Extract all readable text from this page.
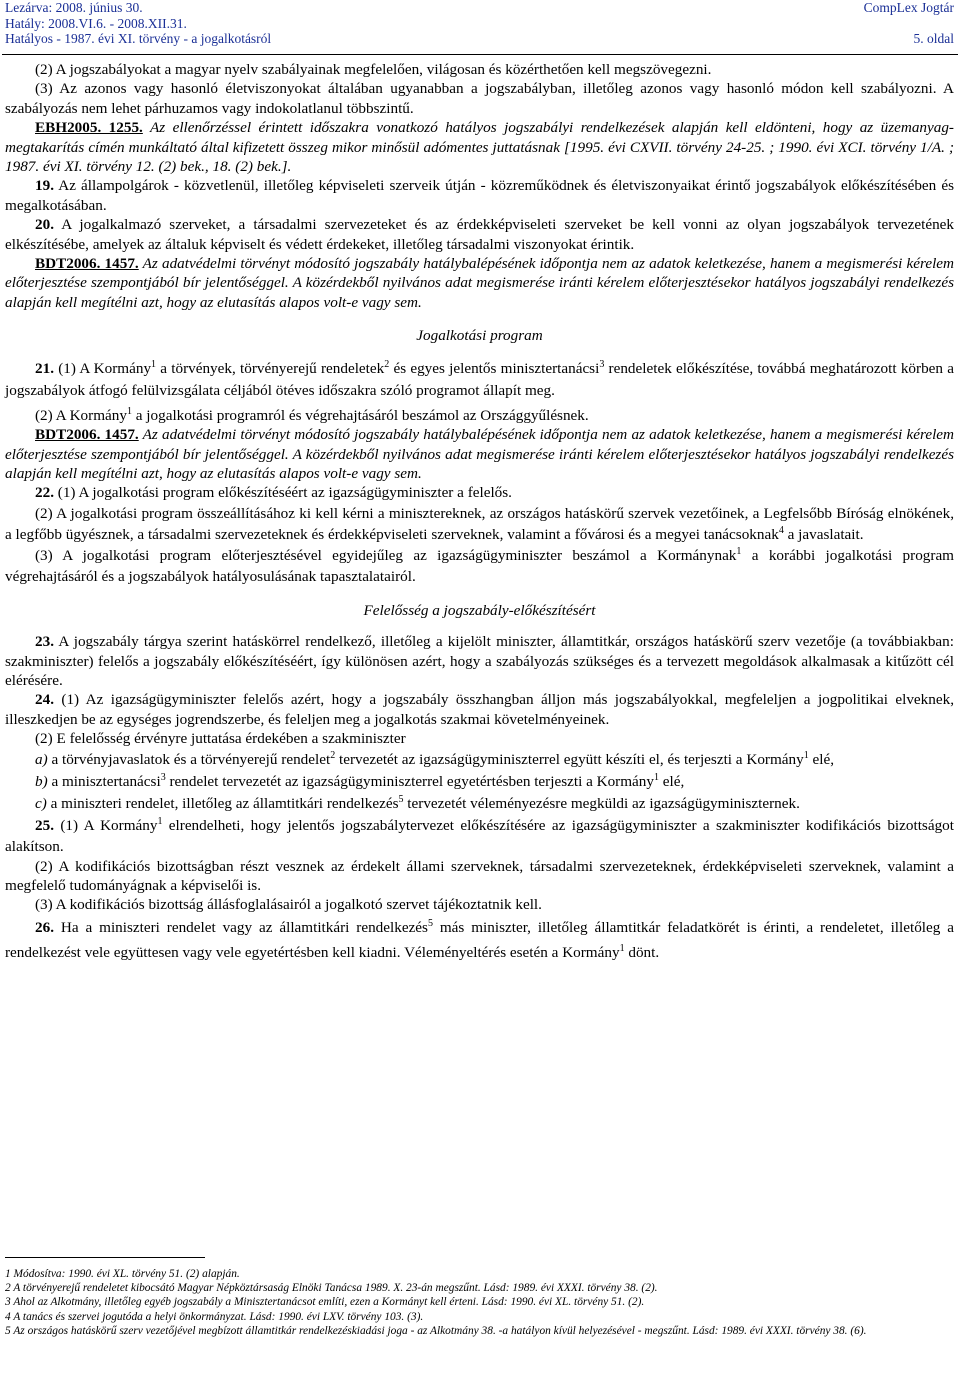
Lezárva: 2008. június 30.
Hatály: 2008.VI.6. - 2008.XII.31.
Hatályos - 1987. évi XI. törvény - a jogalkotásról
CompLex Jogtár

5. oldal

(2) A jogszabályokat a magyar nyelv szabályainak megfelelően, világosan és közérthetően kell megszövegezni.

(3) Az azonos vagy hasonló életviszonyokat általában ugyanabban a jogszabályban, illetőleg azonos vagy hasonló módon kell szabályozni. A szabályozás nem lehet párhuzamos vagy indokolatlanul többszintű.

EBH2005. 1255. Az ellenőrzéssel érintett időszakra vonatkozó hatályos jogszabályi rendelkezések alapján kell eldönteni, hogy az üzemanyag-megtakarítás címén munkáltató által kifizetett összeg mikor minősül adómentes juttatásnak [1995. évi CXVII. törvény 24-25. ; 1990. évi XCI. törvény 1/A. ; 1987. évi XI. törvény 12. (2) bek., 18. (2) bek.].

19. Az állampolgárok - közvetlenül, illetőleg képviseleti szerveik útján - közreműködnek és életviszonyaikat érintő jogszabályok előkészítésében és megalkotásában.

20. A jogalkalmazó szerveket, a társadalmi szervezeteket és az érdekképviseleti szerveket be kell vonni az olyan jogszabályok tervezetének elkészítésébe, amelyek az általuk képviselt és védett érdekeket, illetőleg társadalmi viszonyokat érintik.

BDT2006. 1457. Az adatvédelmi törvényt módosító jogszabály hatálybalépésének időpontja nem az adatok keletkezése, hanem a megismerési kérelem előterjesztése szempontjából bír jelentőséggel. A közérdekből nyilvános adat megismerése iránti kérelem előterjesztésekor hatályos jogszabályi rendelkezés alapján kell megítélni azt, hogy az elutasítás alapos volt-e vagy sem.

Jogalkotási program

21. (1) A Kormány$^1$ a törvények, törvényerejű rendeletek$^2$ és egyes jelentős minisztertanácsi$^3$ rendeletek előkészítése, továbbá meghatározott körben a jogszabályok átfogó felülvizsgálata céljából ötéves időszakra szóló programot állapít meg.

(2) A Kormány$^1$ a jogalkotási programról és végrehajtásáról beszámol az Országgyűlésnek.

BDT2006. 1457. Az adatvédelmi törvényt módosító jogszabály hatálybalépésének időpontja nem az adatok keletkezése, hanem a megismerési kérelem előterjesztése szempontjából bír jelentőséggel. A közérdekből nyilvános adat megismerése iránti kérelem előterjesztésekor hatályos jogszabályi rendelkezés alapján kell megítélni azt, hogy az elutasítás alapos volt-e vagy sem.

22. (1) A jogalkotási program előkészítéséért az igazságügyminiszter a felelős.

(2) A jogalkotási program összeállításához ki kell kérni a minisztereknek, az országos hatáskörű szervek vezetőinek, a Legfelsőbb Bíróság elnökének, a legfőbb ügyésznek, a társadalmi szervezeteknek és érdekképviseleti szerveknek, valamint a fővárosi és a megyei tanácsoknak$^4$ a javaslatait.

(3) A jogalkotási program előterjesztésével egyidejűleg az igazságügyminiszter beszámol a Kormánynak$^1$ a korábbi jogalkotási program végrehajtásáról és a jogszabályok hatályosulásának tapasztalatairól.

Felelősség a jogszabály-előkészítésért

23. A jogszabály tárgya szerint hatáskörrel rendelkező, illetőleg a kijelölt miniszter, államtitkár, országos hatáskörű szerv vezetője (a továbbiakban: szakminiszter) felelős a jogszabály előkészítéséért, így különösen azért, hogy a szabályozás szükséges és a tervezett megoldások alkalmasak a kitűzött cél elérésére.

24. (1) Az igazságügyminiszter felelős azért, hogy a jogszabály összhangban álljon más jogszabályokkal, megfeleljen a jogpolitikai elveknek, illeszkedjen be az egységes jogrendszerbe, és feleljen meg a jogalkotás szakmai követelményeinek.

(2) E felelősség érvényre juttatása érdekében a szakminiszter

a) a törvényjavaslatok és a törvényerejű rendelet$^2$ tervezetét az igazságügyminiszterrel együtt készíti el, és terjeszti a Kormány$^1$ elé,

b) a minisztertanácsi$^3$ rendelet tervezetét az igazságügyminiszterrel egyetértésben terjeszti a Kormány$^1$ elé,

c) a miniszteri rendelet, illetőleg az államtitkári rendelkezés$^5$ tervezetét véleményezésre megküldi az igazságügyminiszternek.

25. (1) A Kormány$^1$ elrendelheti, hogy jelentős jogszabálytervezet előkészítésére az igazságügyminiszter a szakminiszter kodifikációs bizottságot alakítson.

(2) A kodifikációs bizottságban részt vesznek az érdekelt állami szerveknek, társadalmi szervezeteknek, érdekképviseleti szerveknek, valamint a megfelelő tudományágnak a képviselői is.

(3) A kodifikációs bizottság állásfoglalásairól a jogalkotó szervet tájékoztatnik kell.

26. Ha a miniszteri rendelet vagy az államtitkári rendelkezés$^5$ más miniszter, illetőleg államtitkár feladatkörét is érinti, a rendeletet, illetőleg a rendelkezést vele együttesen vagy vele egyetértésben kell kiadni. Véleményeltérés esetén a Kormány$^1$ dönt.

1 Módosítva: 1990. évi XL. törvény 51. (2) alapján.

2 A törvényerejű rendeletet kibocsátó Magyar Népköztársaság Elnöki Tanácsa 1989. X. 23-án megszűnt. Lásd: 1989. évi XXXI. törvény 38. (2).

3 Ahol az Alkotmány, illetőleg egyéb jogszabály a Minisztertanácsot említi, ezen a Kormányt kell érteni. Lásd: 1990. évi XL. törvény 51. (2).

4 A tanács és szervei jogutóda a helyi önkormányzat. Lásd: 1990. évi LXV. törvény 103. (3).

5 Az országos hatáskörű szerv vezetőjével megbízott államtitkár rendelkezéskiadási joga - az Alkotmány 38. -a hatályon kívül helyezésével - megszűnt. Lásd: 1989. évi XXXI. törvény 38. (6).
